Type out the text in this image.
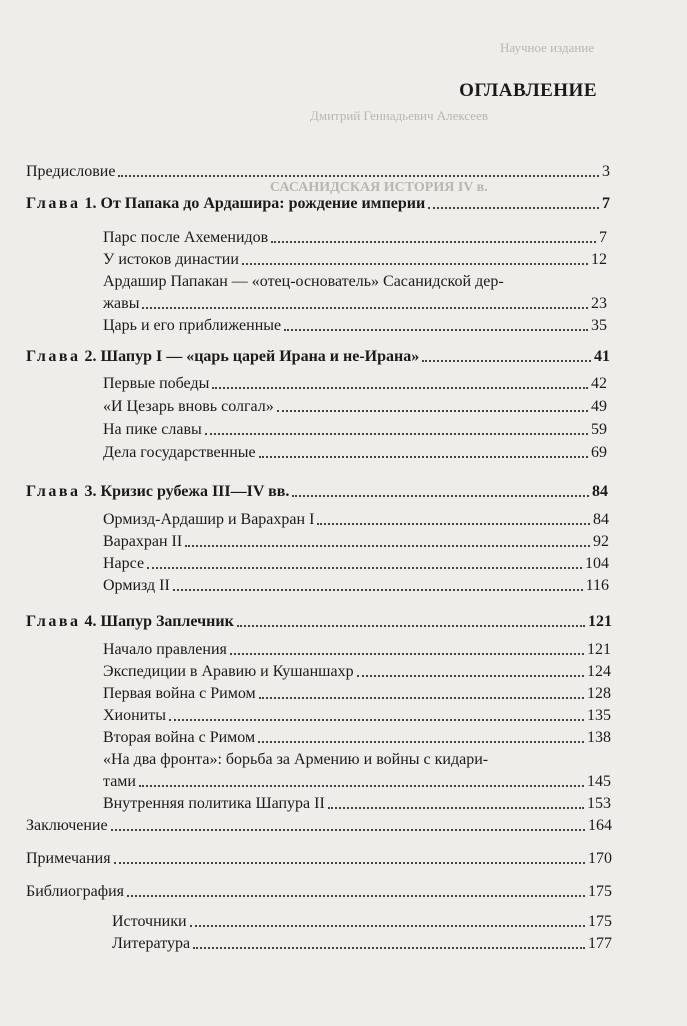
Научное издание
Дмитрий Геннадьевич Алексеев
САСАНИДСКАЯ ИСТОРИЯ IV в.
ОГЛАВЛЕНИЕ
Предисловие	3
Глава 1. От Папака до Ардашира: рождение империи	7
Парс после Ахеменидов	7
У истоков династии	12
Ардашир Папакан — «отец-основатель» Сасанидской дер-
жавы	23
Царь и его приближенные	35
Глава 2. Шапур I — «царь царей Ирана и не-Ирана»	41
Первые победы	42
«И Цезарь вновь солгал»	49
На пике славы	59
Дела государственные	69
Глава 3. Кризис рубежа III—IV вв.	84
Ормизд-Ардашир и Варахран I	84
Варахран II	92
Нарсе	104
Ормизд II	116
Глава 4. Шапур Заплечник	121
Начало правления	121
Экспедиции в Аравию и Кушаншахр	124
Первая война с Римом	128
Хиониты	135
Вторая война с Римом	138
«На два фронта»: борьба за Армению и войны с кидари-
тами	145
Внутренняя политика Шапура II	153
Заключение	164
Примечания	170
Библиография	175
Источники	175
Литература	177
